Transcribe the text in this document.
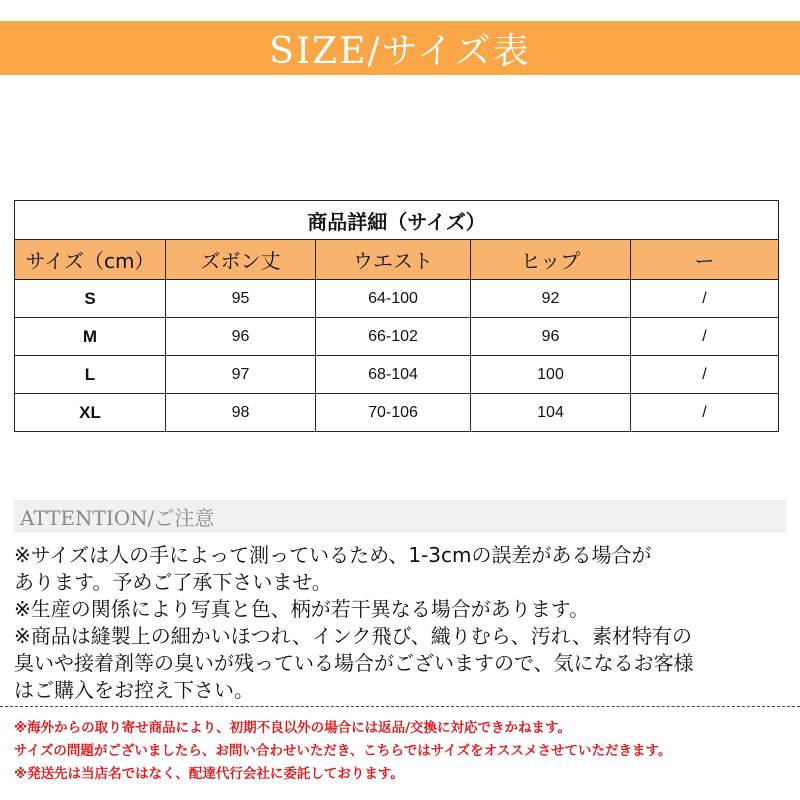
SIZE/サイズ表
商品詳細（サイズ）				
サイズ（cm）	ズボン丈	ウエスト	ヒップ	ー
S	95	64-100	92	/
M	96	66-102	96	/
L	97	68-104	100	/
XL	98	70-106	104	/
ATTENTION/ご注意

※サイズは人の手によって測っているため、1-3cmの誤差がある場合が

あります。予めご了承下さいませ。

※生産の関係により写真と色、柄が若干異なる場合があります。

※商品は縫製上の細かいほつれ、インク飛び、織りむら、汚れ、素材特有の

臭いや接着剤等の臭いが残っている場合がございますので、気になるお客様

はご購入をお控え下さい。

※海外からの取り寄せ商品により、初期不良以外の場合には返品/交換に対応できかねます。

サイズの問題がございましたら、お問い合わせいただき、こちらではサイズをオススメさせていただきます。

※発送先は当店名ではなく、配達代行会社に委託しております。
